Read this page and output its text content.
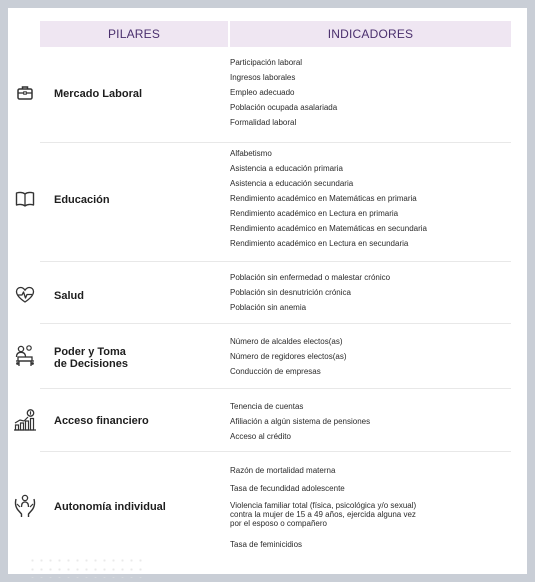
PILARES	INDICADORES
Mercado Laboral
Participación laboral
Ingresos laborales
Empleo adecuado
Población ocupada asalariada
Formalidad laboral
Educación
Alfabetismo
Asistencia a educación primaria
Asistencia a educación secundaria
Rendimiento académico en Matemáticas en primaria
Rendimiento académico en Lectura en primaria
Rendimiento académico en Matemáticas en secundaria
Rendimiento académico en Lectura en secundaria
Salud
Población sin enfermedad o malestar crónico
Población sin desnutrición crónica
Población sin anemia
Poder y Toma
de Decisiones
Número de alcaldes electos(as)
Número de regidores electos(as)
Conducción de empresas
Acceso financiero
Tenencia de cuentas
Afiliación a algún sistema de pensiones
Acceso al crédito
Autonomía individual
Razón de mortalidad materna
Tasa de fecundidad adolescente
Violencia familiar total (física, psicológica y/o sexual)
contra la mujer de 15 a 49 años, ejercida alguna vez
por el esposo o compañero
Tasa de feminicidios
